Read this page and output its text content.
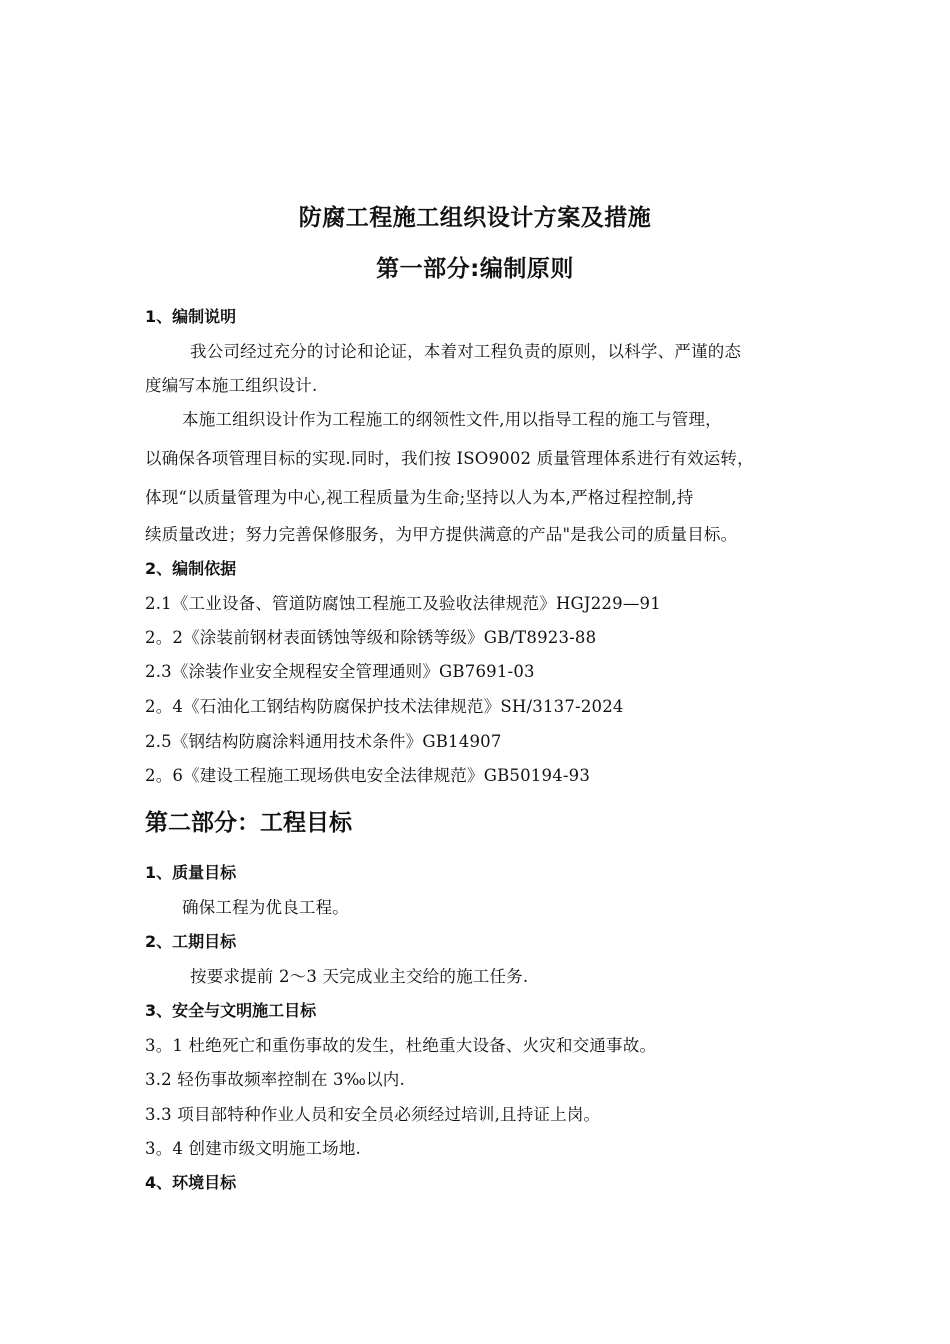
防腐工程施工组织设计方案及措施
第一部分:编制原则
1、编制说明
我公司经过充分的讨论和论证，本着对工程负责的原则，以科学、严谨的态
度编写本施工组织设计.
本施工组织设计作为工程施工的纲领性文件,用以指导工程的施工与管理，
以确保各项管理目标的实现.同时，我们按 ISO9002 质量管理体系进行有效运转，
体现“以质量管理为中心,视工程质量为生命;坚持以人为本,严格过程控制,持
续质量改进；努力完善保修服务，为甲方提供满意的产品"是我公司的质量目标。
2、编制依据
2.1《工业设备、管道防腐蚀工程施工及验收法律规范》HGJ229—91
2。2《涂装前钢材表面锈蚀等级和除锈等级》GB/T8923-88
2.3《涂装作业安全规程安全管理通则》GB7691-03
2。4《石油化工钢结构防腐保护技术法律规范》SH/3137-2024
2.5《钢结构防腐涂料通用技术条件》GB14907
2。6《建设工程施工现场供电安全法律规范》GB50194-93
第二部分：工程目标
1、质量目标
确保工程为优良工程。
2、工期目标
按要求提前 2～3 天完成业主交给的施工任务.
3、安全与文明施工目标
3。1 杜绝死亡和重伤事故的发生，杜绝重大设备、火灾和交通事故。
3.2 轻伤事故频率控制在 3‰以内.
3.3 项目部特种作业人员和安全员必须经过培训,且持证上岗。
3。4 创建市级文明施工场地.
4、环境目标
